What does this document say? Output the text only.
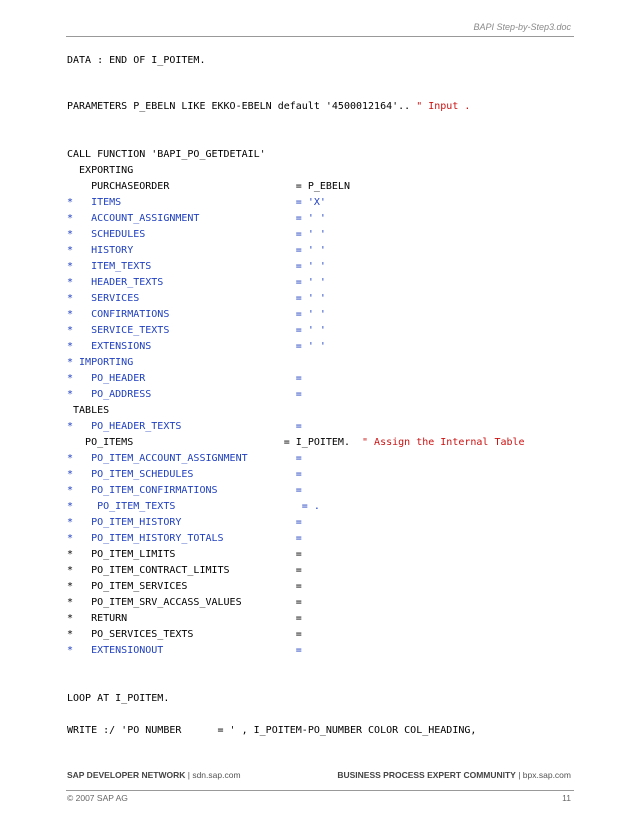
BAPI Step-by-Step3.doc
DATA : END OF I_POITEM.
PARAMETERS P_EBELN LIKE EKKO-EBELN default '4500012164'.. " Input .
CALL FUNCTION 'BAPI_PO_GETDETAIL'
EXPORTING
PURCHASEORDER                     = P_EBELN
*   ITEMS                             = 'X'
*   ACCOUNT_ASSIGNMENT                = ' '
*   SCHEDULES                         = ' '
*   HISTORY                           = ' '
*   ITEM_TEXTS                        = ' '
*   HEADER_TEXTS                      = ' '
*   SERVICES                          = ' '
*   CONFIRMATIONS                     = ' '
*   SERVICE_TEXTS                     = ' '
*   EXTENSIONS                        = ' '
* IMPORTING
*   PO_HEADER                         =
*   PO_ADDRESS                        =
TABLES
*   PO_HEADER_TEXTS                   =
PO_ITEMS                         = I_POITEM.  " Assign the Internal Table
*   PO_ITEM_ACCOUNT_ASSIGNMENT        =
*   PO_ITEM_SCHEDULES                 =
*   PO_ITEM_CONFIRMATIONS             =
*    PO_ITEM_TEXTS                     = .
*   PO_ITEM_HISTORY                   =
*   PO_ITEM_HISTORY_TOTALS            =
*   PO_ITEM_LIMITS                    =
*   PO_ITEM_CONTRACT_LIMITS           =
*   PO_ITEM_SERVICES                  =
*   PO_ITEM_SRV_ACCASS_VALUES         =
*   RETURN                            =
*   PO_SERVICES_TEXTS                 =
*   EXTENSIONOUT                      =
LOOP AT I_POITEM.
WRITE :/ 'PO NUMBER      = ' , I_POITEM-PO_NUMBER COLOR COL_HEADING,
SAP DEVELOPER NETWORK | sdn.sap.com	BUSINESS PROCESS EXPERT COMMUNITY | bpx.sap.com
© 2007 SAP AG	11
